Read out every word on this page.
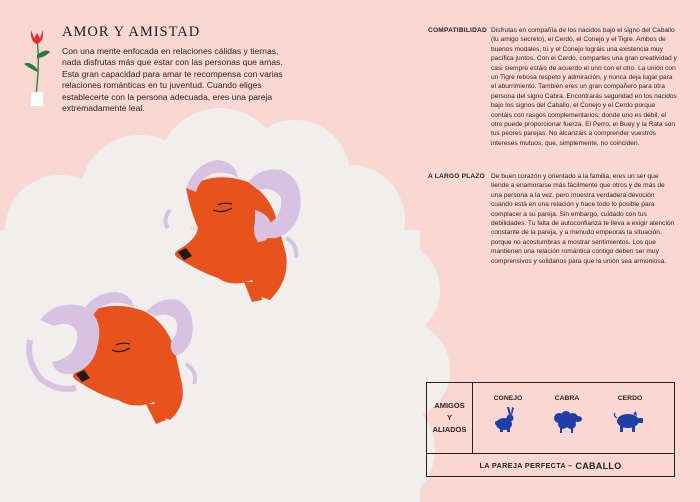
AMOR Y AMISTAD

Con una mente enfocada en relaciones cálidas y tiernas, nada disfrutas más que estar con las personas que amas. Esta gran capacidad para amar te recompensa con varias relaciones románticas en tu juventud. Cuando eliges establecerte con la persona adecuada, eres una pareja extremadamente leal.

COMPATIBILIDAD Disfrutas en compañía de los nacidos bajo el signo del Caballo (tu amigo secreto), el Cerdo, el Conejo y el Tigre. Ambos de buenos modales, tú y el Conejo lográis una existencia muy pacífica juntos. Con el Cerdo, compartes una gran creatividad y casi siempre estáis de acuerdo el uno con el otro. La unión con un Tigre rebosa respeto y admiración, y nunca deja lugar para el aburrimiento. También eres un gran compañero para otra persona del signo Cabra. Encontrarás seguridad en los nacidos bajo los signos del Caballo, el Conejo y el Cerdo porque contáis con rasgos complementarios; donde uno es débil, el otro puede proporcionar fuerza. El Perro, el Buey y la Rata son tus peores parejas. No alcanzáis a comprender vuestros intereses mutuos, que, simplemente, no coinciden.

A LARGO PLAZO De buen corazón y orientado a la familia, eres un ser que tiende a enamorarse más fácilmente que otros y de más de una persona a la vez, pero muestra verdadera devoción cuando está en una relación y hace todo lo posible para complacer a su pareja. Sin embargo, cuidado con tus debilidades. Tu falta de autoconfianza te lleva a exigir atención constante de la pareja, y a menudo empeoras la situación, porque no acostumbras a mostrar sentimientos. Los que mantienen una relación romántica contigo deben ser muy comprensivos y solidarios para que la unión sea armoniosa.

AMIGOS
Y
ALIADOS
CONEJO	CABRA	CERDO
LA PAREJA PERFECTA – CABALLO
